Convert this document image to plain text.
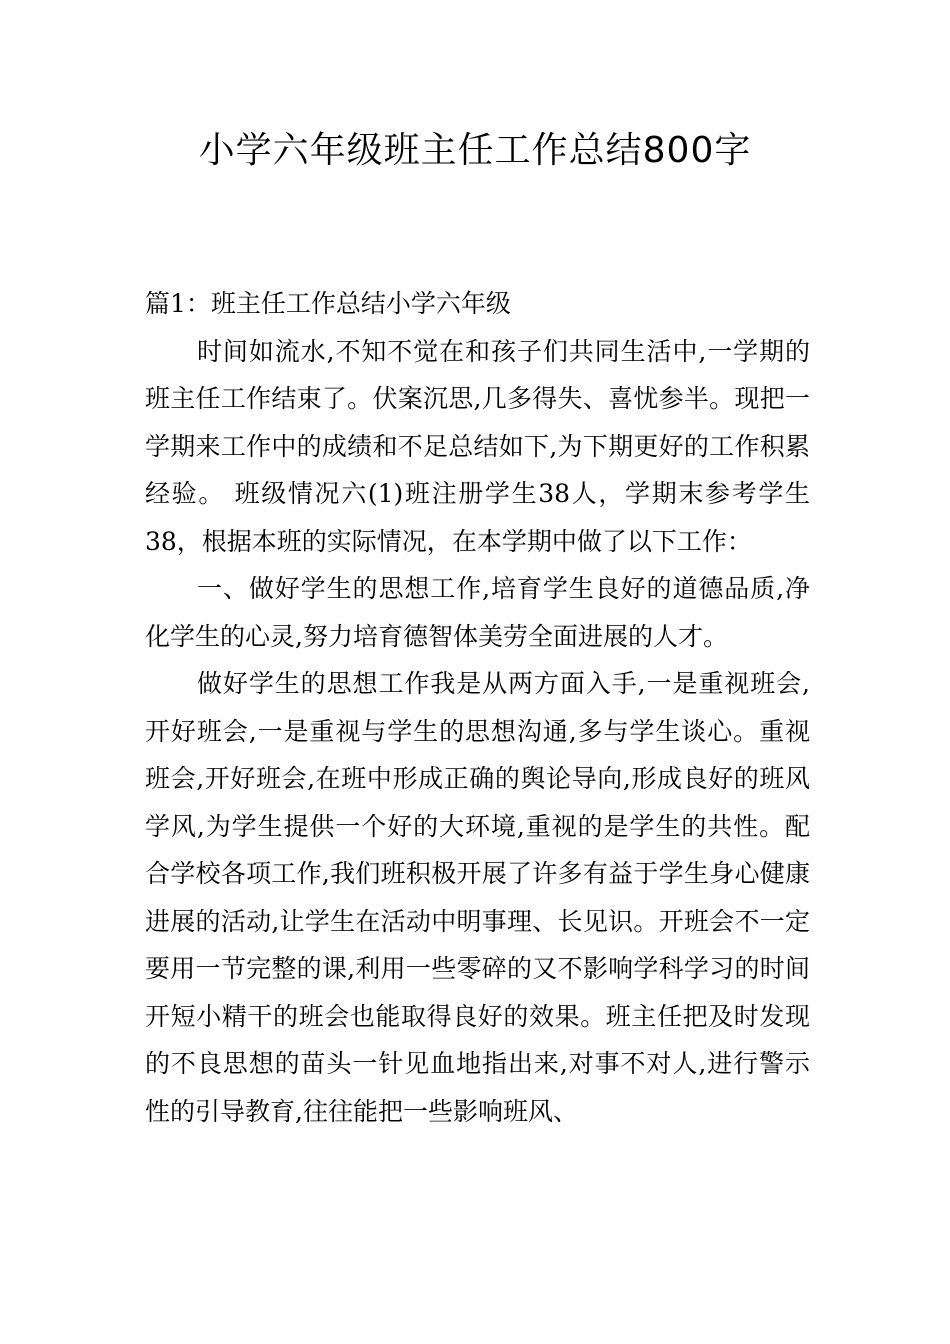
小学六年级班主任工作总结800字

篇1：班主任工作总结小学六年级

时间如流水,不知不觉在和孩子们共同生活中,一学期的班主任工作结束了。伏案沉思,几多得失、喜忧参半。现把一学期来工作中的成绩和不足总结如下,为下期更好的工作积累经验。 班级情况六(1)班注册学生38人，学期末参考学生38，根据本班的实际情况，在本学期中做了以下工作：

一、做好学生的思想工作,培育学生良好的道德品质,净化学生的心灵,努力培育德智体美劳全面进展的人才。

做好学生的思想工作我是从两方面入手,一是重视班会,开好班会,一是重视与学生的思想沟通,多与学生谈心。重视班会,开好班会,在班中形成正确的舆论导向,形成良好的班风学风,为学生提供一个好的大环境,重视的是学生的共性。配合学校各项工作,我们班积极开展了许多有益于学生身心健康进展的活动,让学生在活动中明事理、长见识。开班会不一定要用一节完整的课,利用一些零碎的又不影响学科学习的时间开短小精干的班会也能取得良好的效果。班主任把及时发现的不良思想的苗头一针见血地指出来,对事不对人,进行警示性的引导教育,往往能把一些影响班风、
